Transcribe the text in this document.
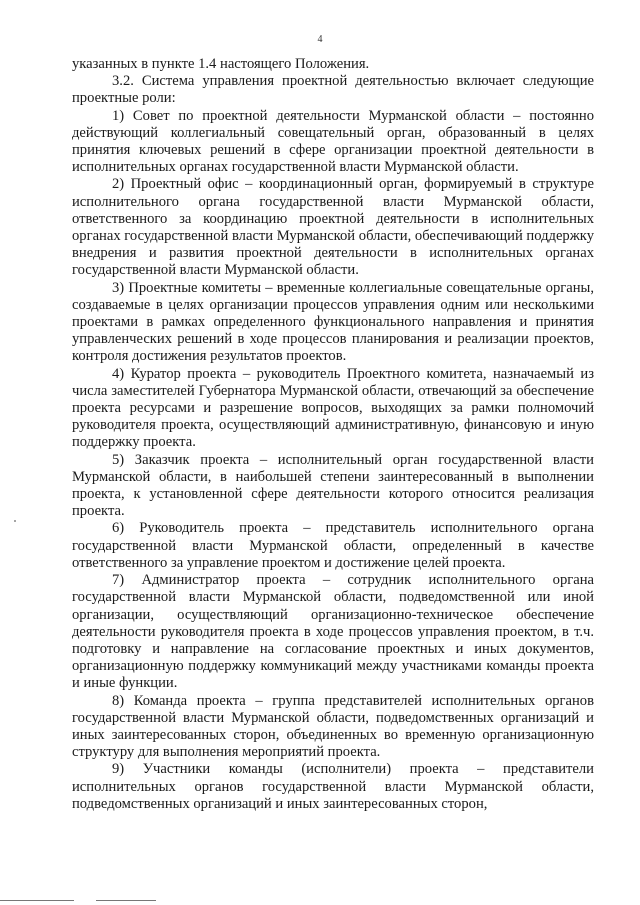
4

указанных в пункте 1.4 настоящего Положения.

3.2. Система управления проектной деятельностью включает следующие проектные роли:

1) Совет по проектной деятельности Мурманской области – постоянно действующий коллегиальный совещательный орган, образованный в целях принятия ключевых решений в сфере организации проектной деятельности в исполнительных органах государственной власти Мурманской области.

2) Проектный офис – координационный орган, формируемый в структуре исполнительного органа государственной власти Мурманской области, ответственного за координацию проектной деятельности в исполнительных органах государственной власти Мурманской области, обеспечивающий поддержку внедрения и развития проектной деятельности в исполнительных органах государственной власти Мурманской области.

3) Проектные комитеты – временные коллегиальные совещательные органы, создаваемые в целях организации процессов управления одним или несколькими проектами в рамках определенного функционального направления и принятия управленческих решений в ходе процессов планирования и реализации проектов, контроля достижения результатов проектов.

4) Куратор проекта – руководитель Проектного комитета, назначаемый из числа заместителей Губернатора Мурманской области, отвечающий за обеспечение проекта ресурсами и разрешение вопросов, выходящих за рамки полномочий руководителя проекта, осуществляющий административную, финансовую и иную поддержку проекта.

5) Заказчик проекта – исполнительный орган государственной власти Мурманской области, в наибольшей степени заинтересованный в выполнении проекта, к установленной сфере деятельности которого относится реализация проекта.

6) Руководитель проекта – представитель исполнительного органа государственной власти Мурманской области, определенный в качестве ответственного за управление проектом и достижение целей проекта.

7) Администратор проекта – сотрудник исполнительного органа государственной власти Мурманской области, подведомственной или иной организации, осуществляющий организационно-техническое обеспечение деятельности руководителя проекта в ходе процессов управления проектом, в т.ч. подготовку и направление на согласование проектных и иных документов, организационную поддержку коммуникаций между участниками команды проекта и иные функции.

8) Команда проекта – группа представителей исполнительных органов государственной власти Мурманской области, подведомственных организаций и иных заинтересованных сторон, объединенных во временную организационную структуру для выполнения мероприятий проекта.

9) Участники команды (исполнители) проекта – представители исполнительных органов государственной власти Мурманской области, подведомственных организаций и иных заинтересованных сторон,
